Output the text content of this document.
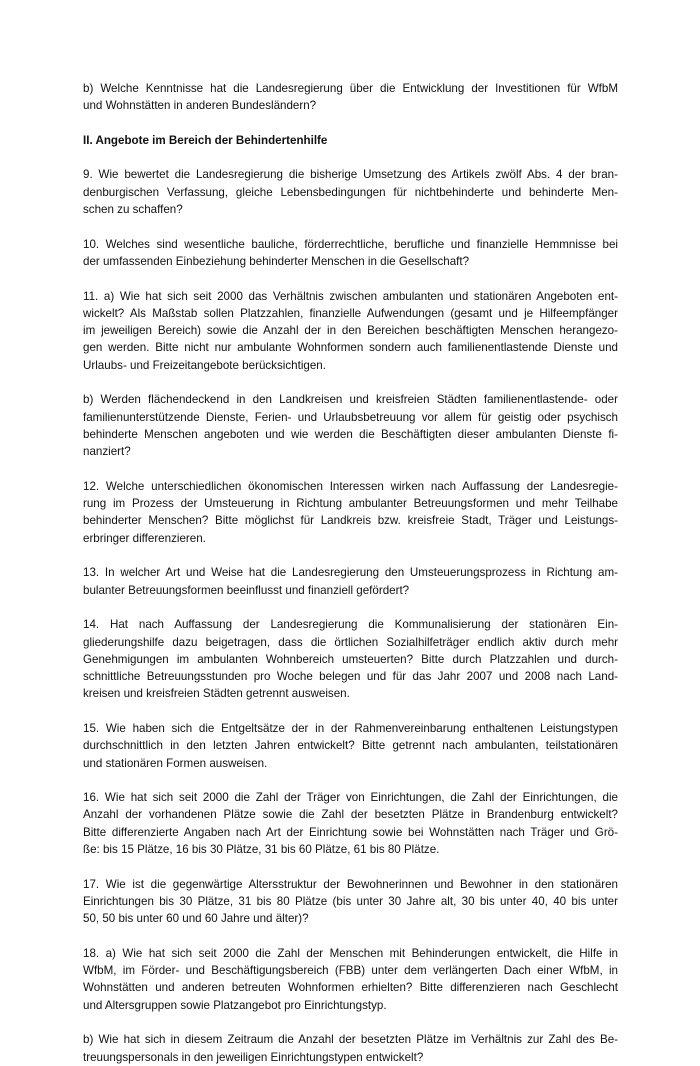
b) Welche Kenntnisse hat die Landesregierung über die Entwicklung der Investitionen für WfbM
und Wohnstätten in anderen Bundesländern?
II. Angebote im Bereich der Behindertenhilfe
9. Wie bewertet die Landesregierung die bisherige Umsetzung des Artikels zwölf Abs. 4 der bran-
denburgischen Verfassung, gleiche Lebensbedingungen für nichtbehinderte und behinderte Men-
schen zu schaffen?
10. Welches sind wesentliche bauliche, förderrechtliche, berufliche und finanzielle Hemmnisse bei
der umfassenden Einbeziehung behinderter Menschen in die Gesellschaft?
11. a) Wie hat sich seit 2000 das Verhältnis zwischen ambulanten und stationären Angeboten ent-
wickelt? Als Maßstab sollen Platzzahlen, finanzielle Aufwendungen (gesamt und je Hilfeempfänger
im jeweiligen Bereich) sowie die Anzahl der in den Bereichen beschäftigten Menschen herangezo-
gen werden. Bitte nicht nur ambulante Wohnformen sondern auch familienentlastende Dienste und
Urlaubs- und Freizeitangebote berücksichtigen.
b) Werden flächendeckend in den Landkreisen und kreisfreien Städten familienentlastende- oder
familienunterstützende Dienste, Ferien- und Urlaubsbetreuung vor allem für geistig oder psychisch
behinderte Menschen angeboten und wie werden die Beschäftigten dieser ambulanten Dienste fi-
nanziert?
12. Welche unterschiedlichen ökonomischen Interessen wirken nach Auffassung der Landesregie-
rung im Prozess der Umsteuerung in Richtung ambulanter Betreuungsformen und mehr Teilhabe
behinderter Menschen? Bitte möglichst für Landkreis bzw. kreisfreie Stadt, Träger und Leistungs-
erbringer differenzieren.
13. In welcher Art und Weise hat die Landesregierung den Umsteuerungsprozess in Richtung am-
bulanter Betreuungsformen beeinflusst und finanziell gefördert?
14. Hat nach Auffassung der Landesregierung die Kommunalisierung der stationären Ein-
gliederungshilfe dazu beigetragen, dass die örtlichen Sozialhilfeträger endlich aktiv durch mehr
Genehmigungen im ambulanten Wohnbereich umsteuerten? Bitte durch Platzzahlen und durch-
schnittliche Betreuungsstunden pro Woche belegen und für das Jahr 2007 und 2008 nach Land-
kreisen und kreisfreien Städten getrennt ausweisen.
15. Wie haben sich die Entgeltsätze der in der Rahmenvereinbarung enthaltenen Leistungstypen
durchschnittlich in den letzten Jahren entwickelt? Bitte getrennt nach ambulanten, teilstationären
und stationären Formen ausweisen.
16. Wie hat sich seit 2000 die Zahl der Träger von Einrichtungen, die Zahl der Einrichtungen, die
Anzahl der vorhandenen Plätze sowie die Zahl der besetzten Plätze in Brandenburg entwickelt?
Bitte differenzierte Angaben nach Art der Einrichtung sowie bei Wohnstätten nach Träger und Grö-
ße: bis 15 Plätze, 16 bis 30 Plätze, 31 bis 60 Plätze, 61 bis 80 Plätze.
17. Wie ist die gegenwärtige Altersstruktur der Bewohnerinnen und Bewohner in den stationären
Einrichtungen bis 30 Plätze, 31 bis 80 Plätze (bis unter 30 Jahre alt, 30 bis unter 40, 40 bis unter
50, 50 bis unter 60 und 60 Jahre und älter)?
18. a) Wie hat sich seit 2000 die Zahl der Menschen mit Behinderungen entwickelt, die Hilfe in
WfbM, im Förder- und Beschäftigungsbereich (FBB) unter dem verlängerten Dach einer WfbM, in
Wohnstätten und anderen betreuten Wohnformen erhielten? Bitte differenzieren nach Geschlecht
und Altersgruppen sowie Platzangebot pro Einrichtungstyp.
b) Wie hat sich in diesem Zeitraum die Anzahl der besetzten Plätze im Verhältnis zur Zahl des Be-
treuungspersonals in den jeweiligen Einrichtungstypen entwickelt?
